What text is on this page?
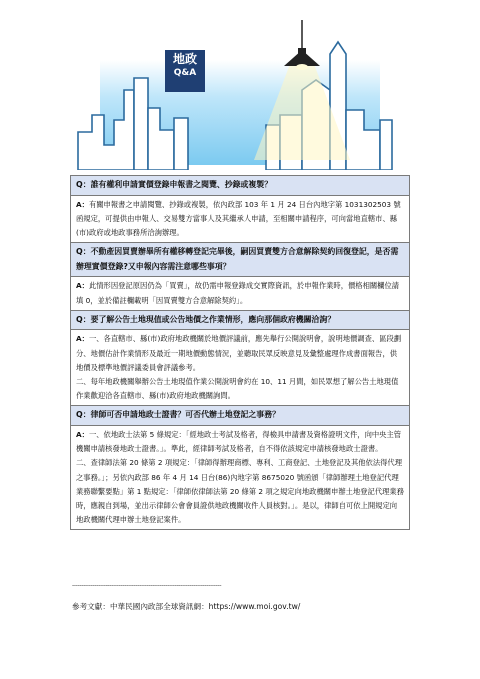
地政
Q&A
Q：誰有權利申請實價登錄申報書之閱覽、抄錄或複製？

A：有關申報書之申請閱覽、抄錄或複製，依內政部 103 年 1 月 24 日台內地字第 1031302503 號函規定，可提供由申報人、交易雙方當事人及其繼承人申請，至相關申請程序，可向當地直轄市、縣(市)政府或地政事務所洽詢辦理。

Q：不動產因買賣辦畢所有權移轉登記完畢後，嗣因買賣雙方合意解除契約回復登記，是否需辦理實價登錄?又申報內容需注意哪些事項？

A：此情形因登記原因仍為「買賣」，故仍需申報登錄成交實際資訊，於申報作業時，價格相關欄位請填 0，並於備註欄載明「因買賣雙方合意解除契約」。

Q：要了解公告土地現值或公告地價之作業情形，應向那個政府機關洽詢？

A：一、各直轄市、縣(市)政府地政機關於地價評議前，應先舉行公開說明會，說明地價調查、區段劃分、地價估計作業情形及最近一期地價動態情況，並聽取民眾反映意見及彙整處理作成書面報告，供地價及標準地價評議委員會評議參考。

二、每年地政機關舉辦公告土地現值作業公開說明會約在 10、11 月間，如民眾想了解公告土地現值作業歡迎洽各直轄市、縣(市)政府地政機關詢問。

Q：律師可否申請地政士證書？可否代辦土地登記之事務？

A：一、依地政士法第 5 條規定：「經地政士考試及格者，得檢具申請書及資格證明文件，向中央主管機關申請核發地政士證書。」。準此，經律師考試及格者，自不得依該規定申請核發地政士證書。

二、查律師法第 20 條第 2 項規定：「律師得辦理商標、專利、工商登記、土地登記及其他依法得代理之事務。」；另依內政部 86 年 4 月 14 日台(86)內地字第 8675020 號函頒「律師辦理土地登記代理業務聯繫要點」第 1 點規定：「律師依律師法第 20 條第 2 項之規定向地政機關申辦土地登記代理業務時，應親自到場，並出示律師公會會員證供地政機關收件人員核對。」。是以，律師自可依上開規定向地政機關代理申辦土地登記案件。

--------------------------------------------------------------------------------
參考文獻：中華民國內政部全球資訊網：https://www.moi.gov.tw/
